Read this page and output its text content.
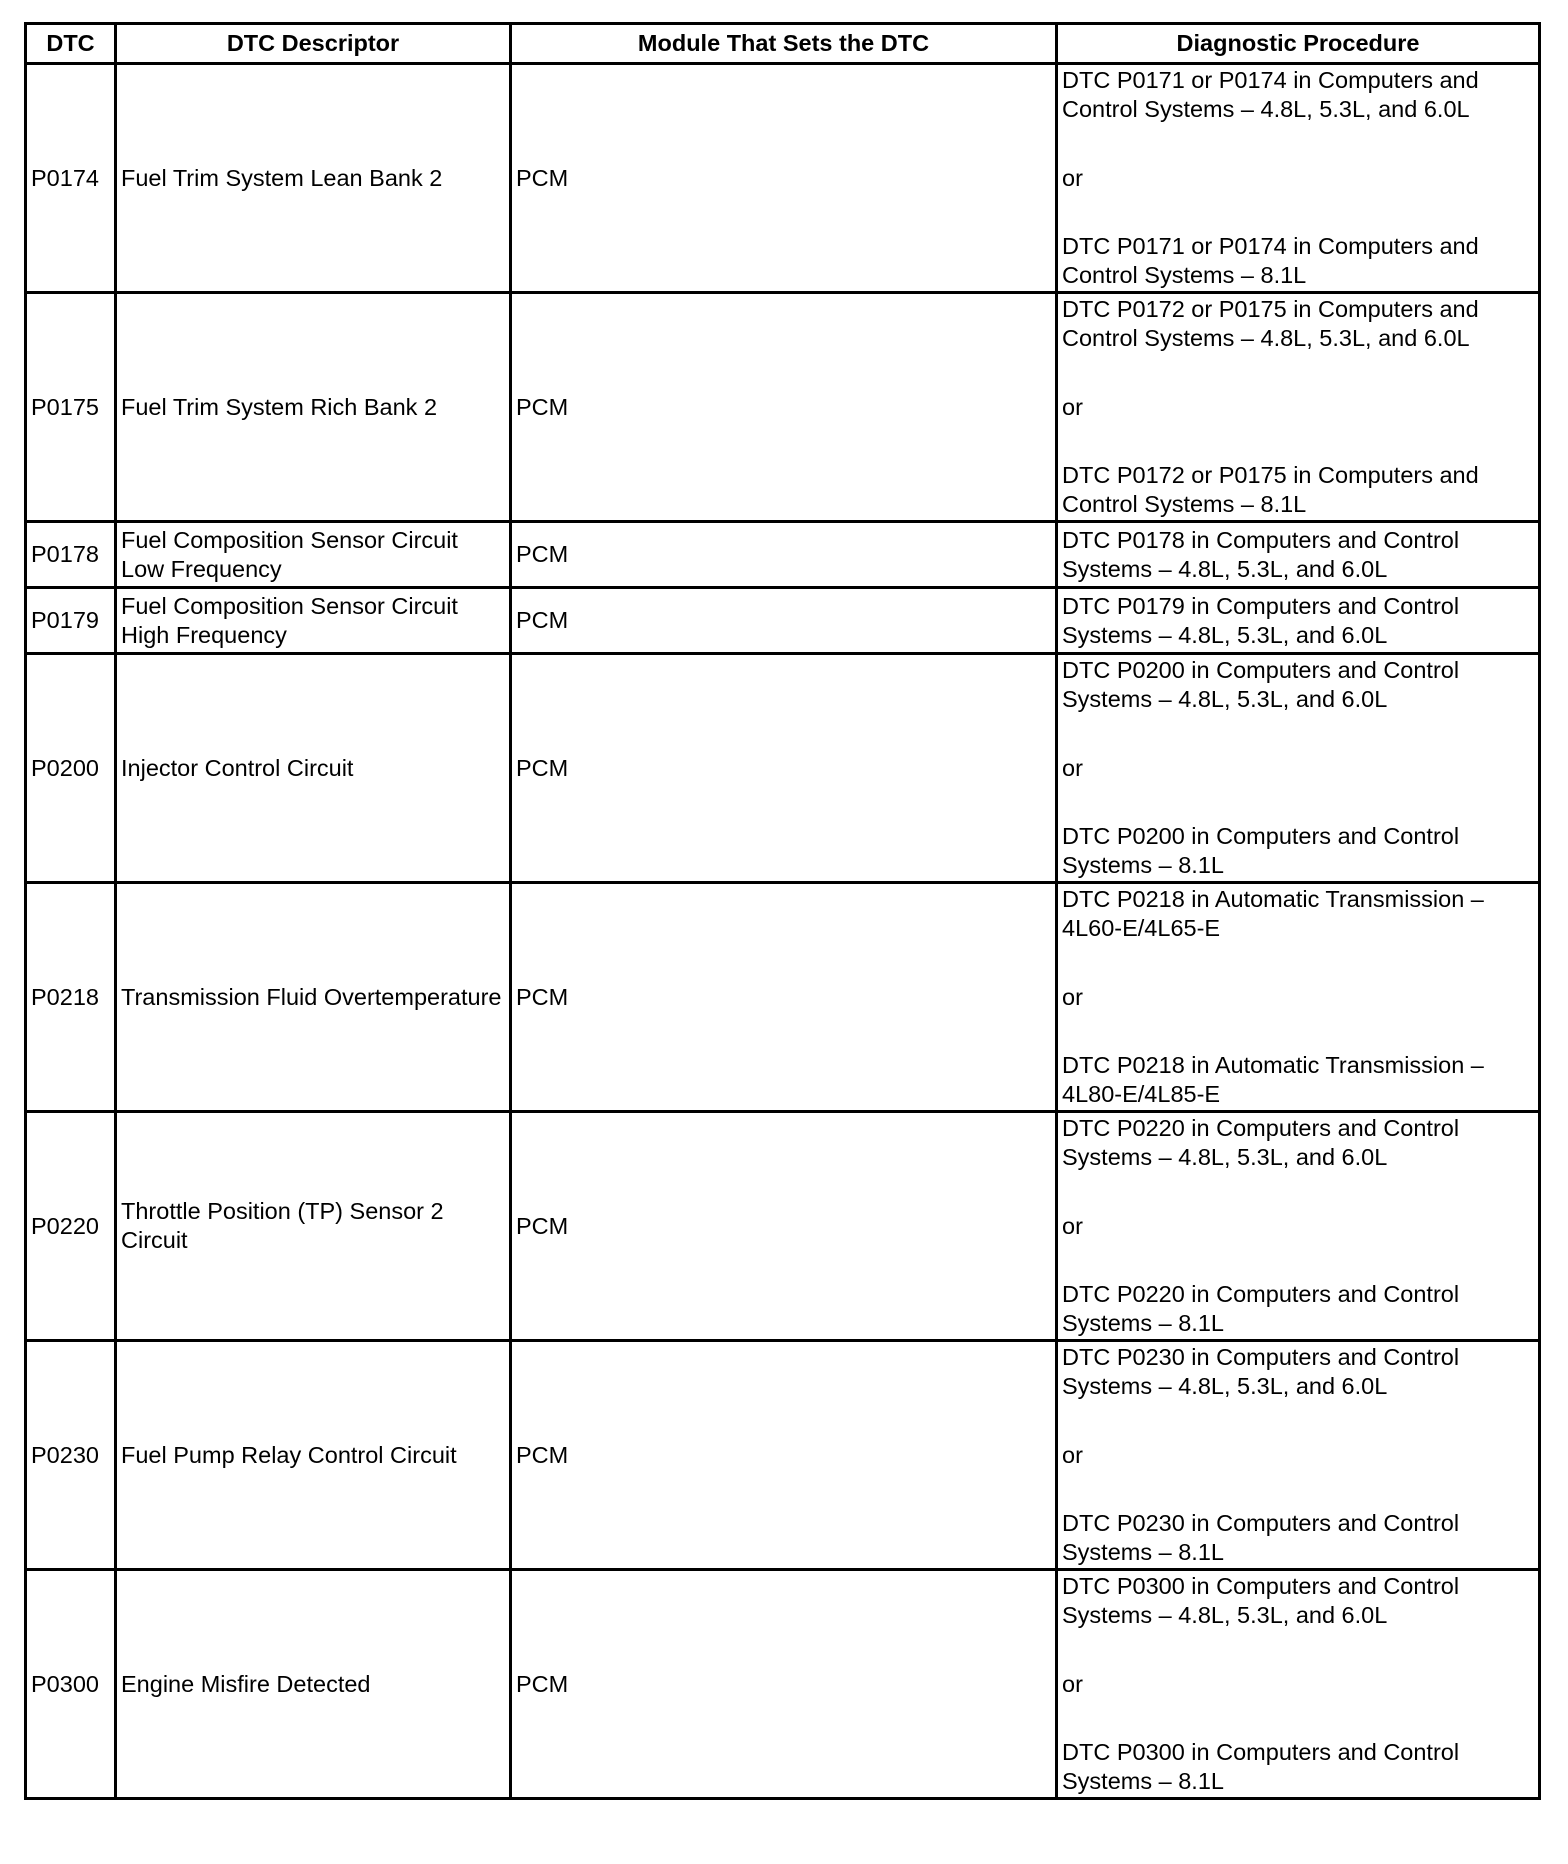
DTC	DTC Descriptor	Module That Sets the DTC	Diagnostic Procedure
P0174	Fuel Trim System Lean Bank 2	PCM	DTC P0171 or P0174 in Computers and Control Systems – 4.8L, 5.3L, and 6.0L
or
DTC P0171 or P0174 in Computers and Control Systems – 8.1L

P0175	Fuel Trim System Rich Bank 2	PCM	DTC P0172 or P0175 in Computers and Control Systems – 4.8L, 5.3L, and 6.0L
or
DTC P0172 or P0175 in Computers and Control Systems – 8.1L

P0178	Fuel Composition Sensor Circuit Low Frequency	PCM	DTC P0178 in Computers and Control Systems – 4.8L, 5.3L, and 6.0L

P0179	Fuel Composition Sensor Circuit High Frequency	PCM	DTC P0179 in Computers and Control Systems – 4.8L, 5.3L, and 6.0L

P0200	Injector Control Circuit	PCM	DTC P0200 in Computers and Control Systems – 4.8L, 5.3L, and 6.0L
or
DTC P0200 in Computers and Control Systems – 8.1L

P0218	Transmission Fluid Overtemperature	PCM	DTC P0218 in Automatic Transmission – 4L60-E/4L65-E
or
DTC P0218 in Automatic Transmission – 4L80-E/4L85-E

P0220	Throttle Position (TP) Sensor 2 Circuit	PCM	DTC P0220 in Computers and Control Systems – 4.8L, 5.3L, and 6.0L
or
DTC P0220 in Computers and Control Systems – 8.1L

P0230	Fuel Pump Relay Control Circuit	PCM	DTC P0230 in Computers and Control Systems – 4.8L, 5.3L, and 6.0L
or
DTC P0230 in Computers and Control Systems – 8.1L

P0300	Engine Misfire Detected	PCM	DTC P0300 in Computers and Control Systems – 4.8L, 5.3L, and 6.0L
or
DTC P0300 in Computers and Control Systems – 8.1L
